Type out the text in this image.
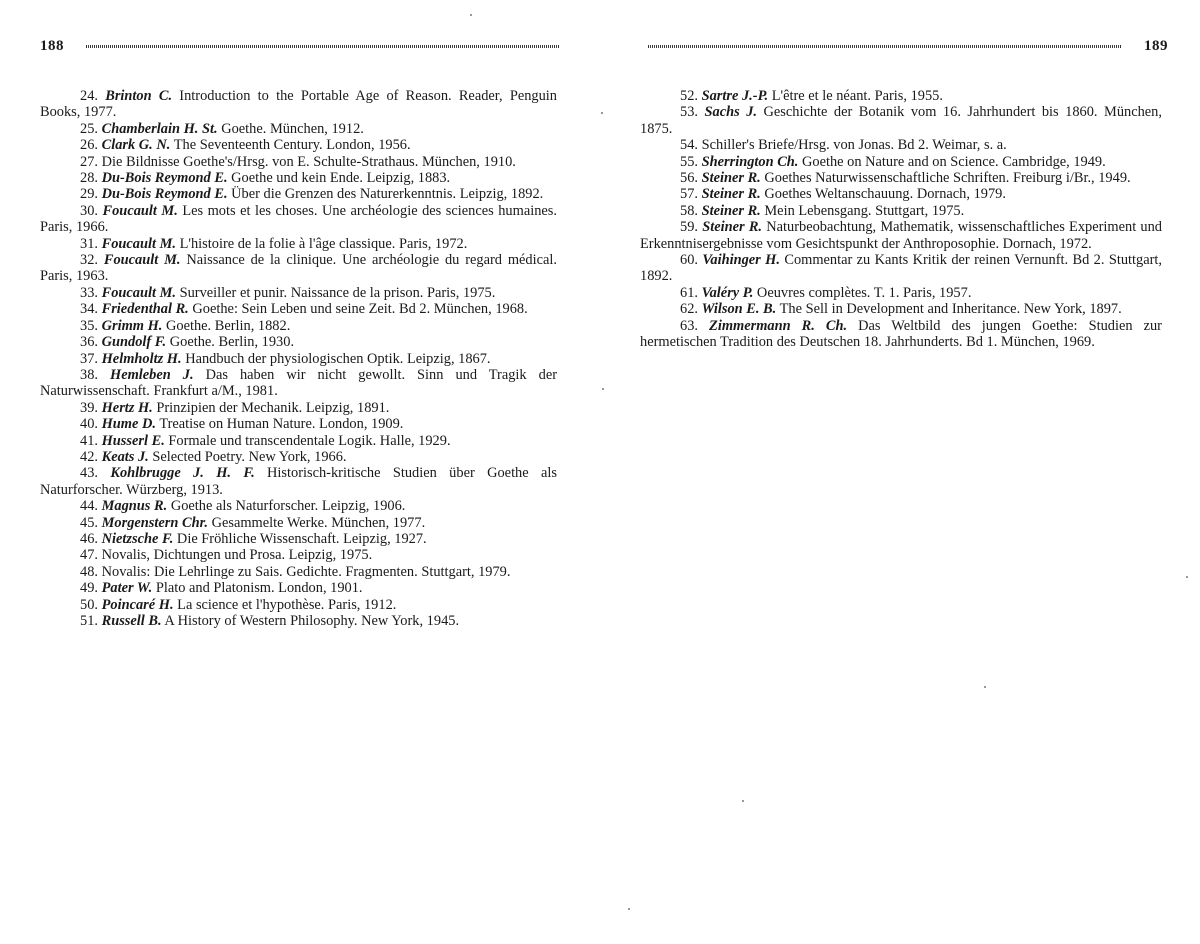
188

24. Brinton C. Introduction to the Portable Age of Reason. Reader, Penguin Books, 1977.

25. Chamberlain H. St. Goethe. München, 1912.

26. Clark G. N. The Seventeenth Century. London, 1956.

27. Die Bildnisse Goethe's/Hrsg. von E. Schulte-Strathaus. München, 1910.

28. Du-Bois Reymond E. Goethe und kein Ende. Leipzig, 1883.

29. Du-Bois Reymond E. Über die Grenzen des Naturerkenntnis. Leipzig, 1892.

30. Foucault M. Les mots et les choses. Une archéologie des sciences humaines. Paris, 1966.

31. Foucault M. L'histoire de la folie à l'âge classique. Paris, 1972.

32. Foucault M. Naissance de la clinique. Une archéologie du regard médical. Paris, 1963.

33. Foucault M. Surveiller et punir. Naissance de la prison. Paris, 1975.

34. Friedenthal R. Goethe: Sein Leben und seine Zeit. Bd 2. München, 1968.

35. Grimm H. Goethe. Berlin, 1882.

36. Gundolf F. Goethe. Berlin, 1930.

37. Helmholtz H. Handbuch der physiologischen Optik. Leipzig, 1867.

38. Hemleben J. Das haben wir nicht gewollt. Sinn und Tragik der Naturwissenschaft. Frankfurt a/M., 1981.

39. Hertz H. Prinzipien der Mechanik. Leipzig, 1891.

40. Hume D. Treatise on Human Nature. London, 1909.

41. Husserl E. Formale und transcendentale Logik. Halle, 1929.

42. Keats J. Selected Poetry. New York, 1966.

43. Kohlbrugge J. H. F. Historisch-kritische Studien über Goethe als Naturforscher. Würzberg, 1913.

44. Magnus R. Goethe als Naturforscher. Leipzig, 1906.

45. Morgenstern Chr. Gesammelte Werke. München, 1977.

46. Nietzsche F. Die Fröhliche Wissenschaft. Leipzig, 1927.

47. Novalis, Dichtungen und Prosa. Leipzig, 1975.

48. Novalis: Die Lehrlinge zu Sais. Gedichte. Fragmenten. Stuttgart, 1979.

49. Pater W. Plato and Platonism. London, 1901.

50. Poincaré H. La science et l'hypothèse. Paris, 1912.

51. Russell B. A History of Western Philosophy. New York, 1945.

189

52. Sartre J.-P. L'être et le néant. Paris, 1955.

53. Sachs J. Geschichte der Botanik vom 16. Jahrhundert bis 1860. München, 1875.

54. Schiller's Briefe/Hrsg. von Jonas. Bd 2. Weimar, s. a.

55. Sherrington Ch. Goethe on Nature and on Science. Cambridge, 1949.

56. Steiner R. Goethes Naturwissenschaftliche Schriften. Freiburg i/Br., 1949.

57. Steiner R. Goethes Weltanschauung. Dornach, 1979.

58. Steiner R. Mein Lebensgang. Stuttgart, 1975.

59. Steiner R. Naturbeobachtung, Mathematik, wissenschaftliches Experiment und Erkenntnisergebnisse vom Gesichtspunkt der Anthroposophie. Dornach, 1972.

60. Vaihinger H. Commentar zu Kants Kritik der reinen Vernunft. Bd 2. Stuttgart, 1892.

61. Valéry P. Oeuvres complètes. T. 1. Paris, 1957.

62. Wilson E. B. The Sell in Development and Inheritance. New York, 1897.

63. Zimmermann R. Ch. Das Weltbild des jungen Goethe: Studien zur hermetischen Tradition des Deutschen 18. Jahrhunderts. Bd 1. München, 1969.
